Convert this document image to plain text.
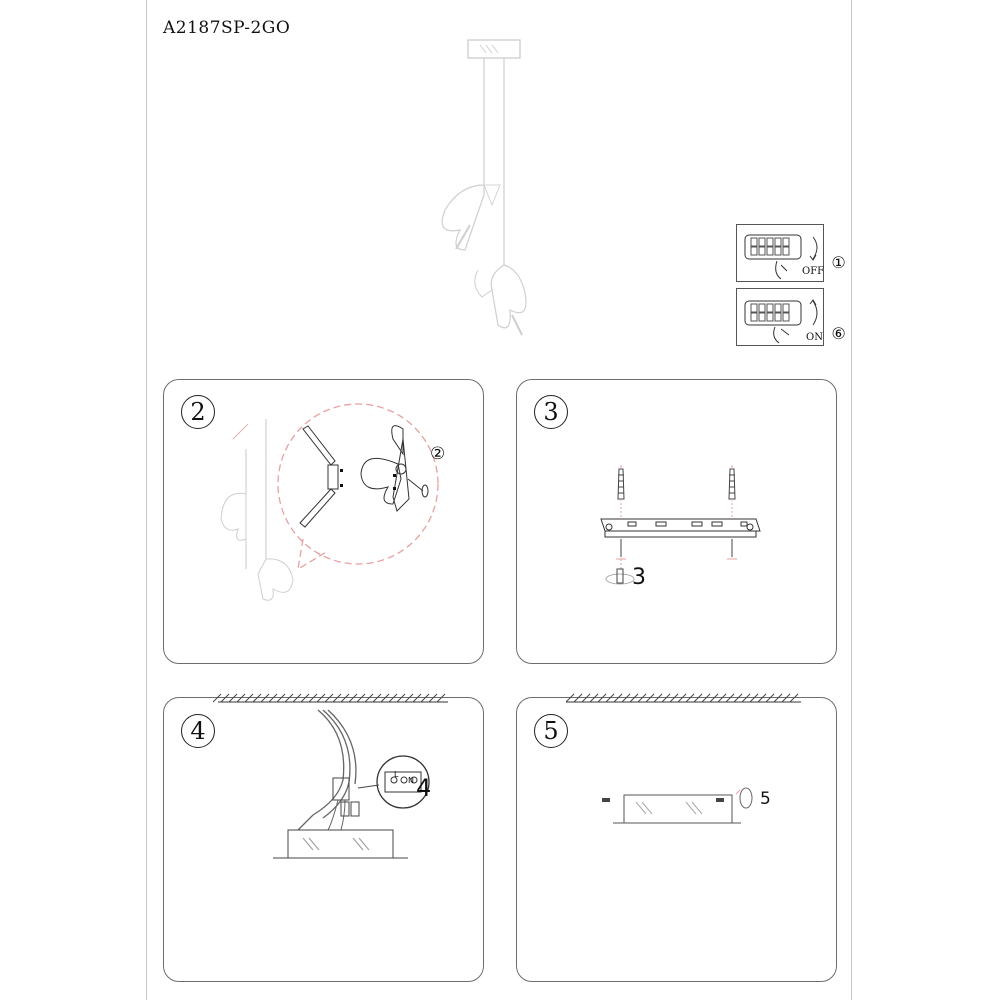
A2187SP-2GO
OFF ①
ON ⑥
2
②
3
3
4
L
N 4
5
5
